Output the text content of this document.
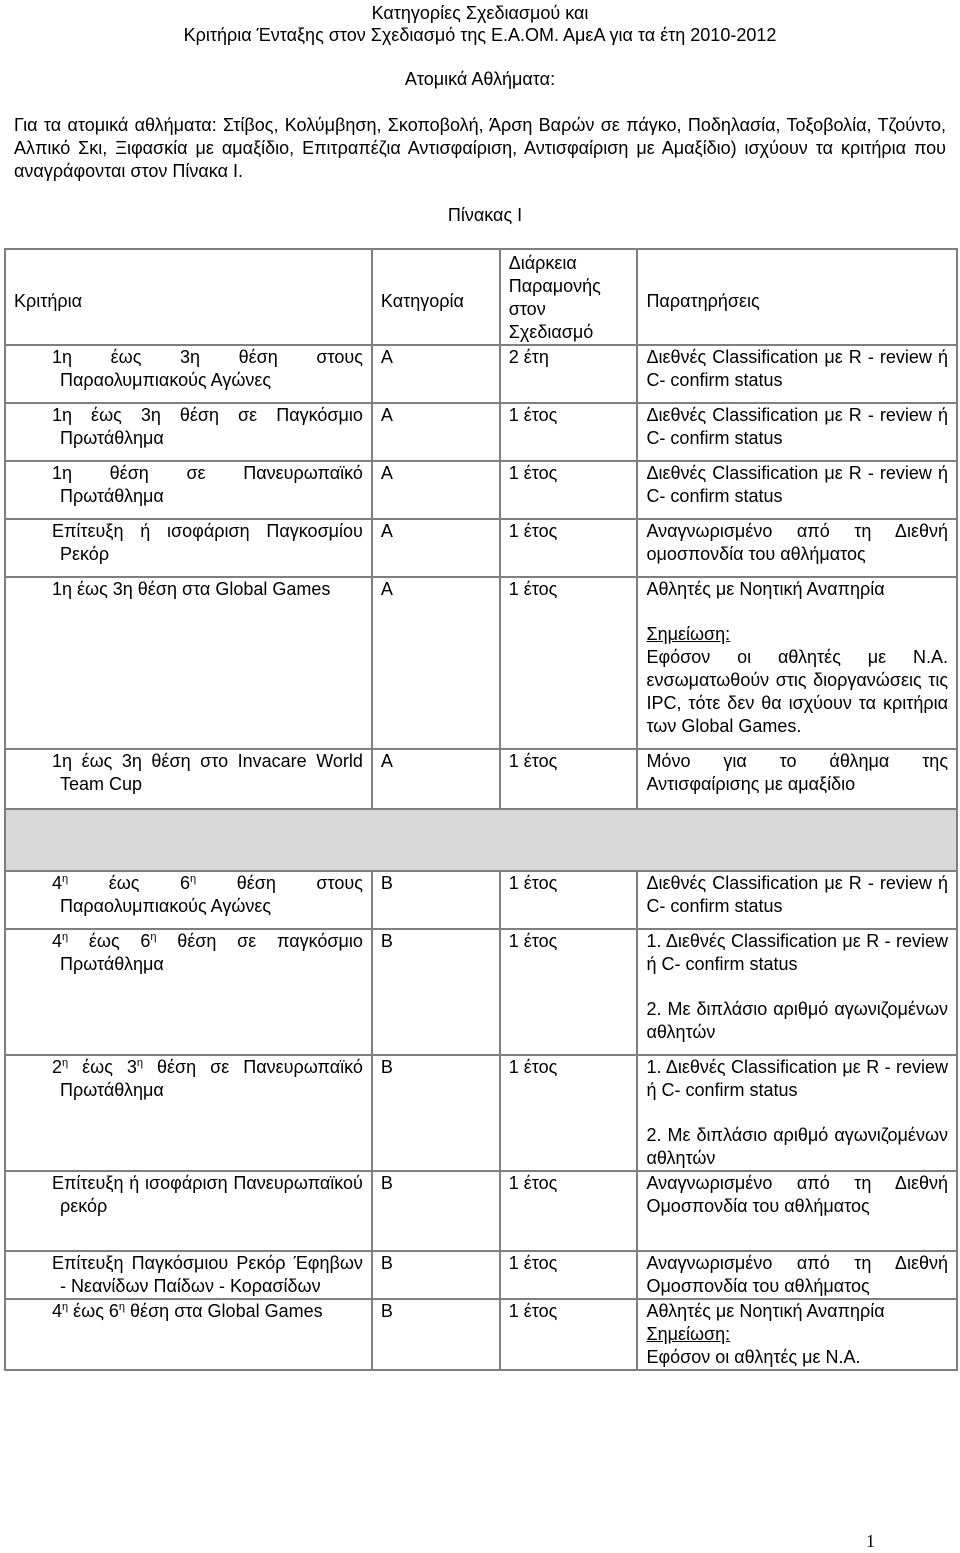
Κατηγορίες Σχεδιασμού και
Κριτήρια Ένταξης στον Σχεδιασμό της Ε.Α.ΟΜ. ΑμεΑ για τα έτη 2010-2012
Ατομικά Αθλήματα:
Για τα ατομικά αθλήματα: Στίβος, Κολύμβηση, Σκοποβολή, Άρση Βαρών σε πάγκο, Ποδηλασία, Τοξοβολία, Τζούντο, Αλπικό Σκι, Ξιφασκία με αμαξίδιο, Επιτραπέζια Αντισφαίριση, Αντισφαίριση με Αμαξίδιο) ισχύουν τα κριτήρια που αναγράφονται στον Πίνακα Ι.
Πίνακας Ι
Κριτήρια	Κατηγορία	Διάρκεια Παραμονής στον Σχεδιασμό	Παρατηρήσεις

1η έως 3η θέση στους Παραολυμπιακούς Αγώνες	Α	2 έτη	Διεθνές Classification με R - review ή C- confirm status

1η έως 3η θέση σε Παγκόσμιο Πρωτάθλημα	Α	1 έτος	Διεθνές Classification με R - review ή C- confirm status

1η θέση σε Πανευρωπαϊκό Πρωτάθλημα	Α	1 έτος	Διεθνές Classification με R - review ή C- confirm status

Επίτευξη ή ισοφάριση Παγκοσμίου Ρεκόρ	Α	1 έτος	Αναγνωρισμένο από τη Διεθνή ομοσπονδία του αθλήματος

1η έως 3η θέση στα Global Games	Α	1 έτος	Αθλητές με Νοητική Αναπηρία
Σημείωση:
Εφόσον οι αθλητές με Ν.Α. ενσωματωθούν στις διοργανώσεις τις IPC, τότε δεν θα ισχύουν τα κριτήρια των Global Games.

1η έως 3η θέση στο Invacare World Team Cup	Α	1 έτος	Μόνο για το άθλημα της Αντισφαίρισης με αμαξίδιο

$4^\eta$ έως $6^\eta$ θέση στους Παραολυμπιακούς Αγώνες	Β	1 έτος	Διεθνές Classification με R - review ή C- confirm status

$4^\eta$ έως $6^\eta$ θέση σε παγκόσμιο Πρωτάθλημα	Β	1 έτος	1. Διεθνές Classification με R - review ή C- confirm status
2. Με διπλάσιο αριθμό αγωνιζομένων αθλητών

$2^\eta$ έως $3^\eta$ θέση σε Πανευρωπαϊκό Πρωτάθλημα	Β	1 έτος	1. Διεθνές Classification με R - review ή C- confirm status
2. Με διπλάσιο αριθμό αγωνιζομένων αθλητών

Επίτευξη ή ισοφάριση Πανευρωπαϊκού ρεκόρ	Β	1 έτος	Αναγνωρισμένο από τη Διεθνή Ομοσπονδία του αθλήματος

Επίτευξη Παγκόσμιου Ρεκόρ Έφηβων - Νεανίδων Παίδων - Κορασίδων	Β	1 έτος	Αναγνωρισμένο από τη Διεθνή Ομοσπονδία του αθλήματος

$4^\eta$ έως $6^\eta$ θέση στα Global Games	Β	1 έτος	Αθλητές με Νοητική Αναπηρία
Σημείωση:
Εφόσον οι αθλητές με Ν.Α.
1
